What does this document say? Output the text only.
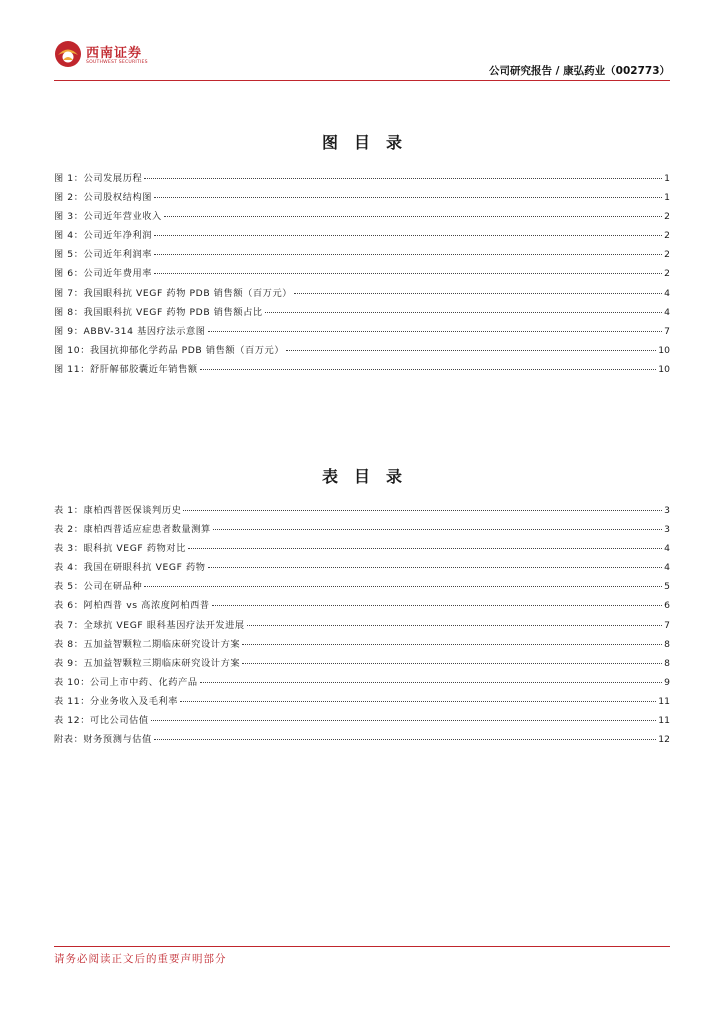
西南证券
SOUTHWEST SECURITIES
公司研究报告 / 康弘药业（002773）
图目录
图 1：公司发展历程	1
图 2：公司股权结构图	1
图 3：公司近年营业收入	2
图 4：公司近年净利润	2
图 5：公司近年利润率	2
图 6：公司近年费用率	2
图 7：我国眼科抗 VEGF 药物 PDB 销售额（百万元）	4
图 8：我国眼科抗 VEGF 药物 PDB 销售额占比	4
图 9：ABBV-314 基因疗法示意图	7
图 10：我国抗抑郁化学药品 PDB 销售额（百万元）	10
图 11：舒肝解郁胶囊近年销售额	10
表目录
表 1：康柏西普医保谈判历史	3
表 2：康柏西普适应症患者数量测算	3
表 3：眼科抗 VEGF 药物对比	4
表 4：我国在研眼科抗 VEGF 药物	4
表 5：公司在研品种	5
表 6：阿柏西普 vs 高浓度阿柏西普	6
表 7：全球抗 VEGF 眼科基因疗法开发进展	7
表 8：五加益智颗粒二期临床研究设计方案	8
表 9：五加益智颗粒三期临床研究设计方案	8
表 10：公司上市中药、化药产品	9
表 11：分业务收入及毛利率	11
表 12：可比公司估值	11
附表：财务预测与估值	12
请务必阅读正文后的重要声明部分
